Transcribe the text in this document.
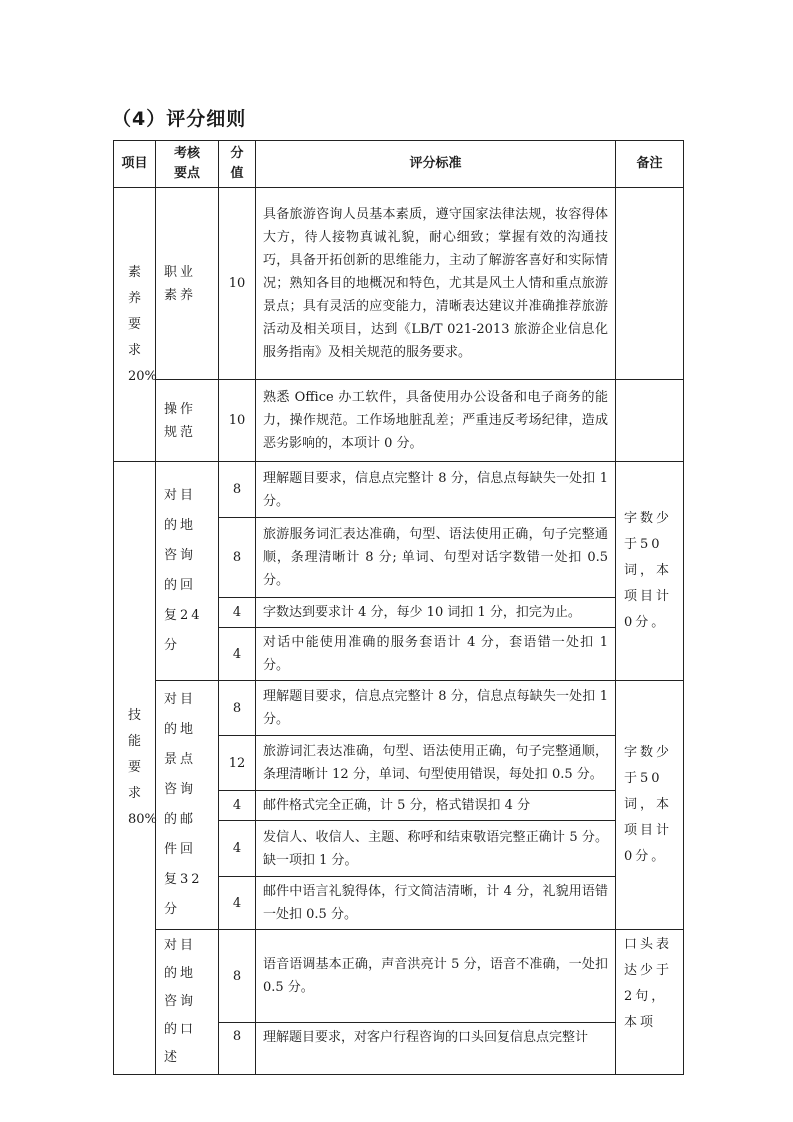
（4）评分细则
项目	考核要点	分值	评分标准	备注
素养要求20%	职业素养	10	具备旅游咨询人员基本素质，遵守国家法律法规，妆容得体大方，待人接物真诚礼貌，耐心细致；掌握有效的沟通技巧，具备开拓创新的思维能力，主动了解游客喜好和实际情况；熟知各目的地概况和特色，尤其是风土人情和重点旅游景点；具有灵活的应变能力，清晰表达建议并准确推荐旅游活动及相关项目，达到《LB/T 021-2013 旅游企业信息化服务指南》及相关规范的服务要求。	
	操作规范	10	熟悉 Office 办工软件，具备使用办公设备和电子商务的能力，操作规范。工作场地脏乱差；严重违反考场纪律，造成恶劣影响的，本项计 0 分。	
技能要求80%	对目的地咨询的回复24分	8	理解题目要求，信息点完整计 8 分，信息点每缺失一处扣 1 分。	字数少于50词，本项目计0分。
		8	旅游服务词汇表达准确，句型、语法使用正确，句子完整通顺，条理清晰计 8 分; 单词、句型对话字数错一处扣 0.5 分。	
		4	字数达到要求计 4 分，每少 10 词扣 1 分，扣完为止。	
		4	对话中能使用准确的服务套语计 4 分，套语错一处扣 1 分。	
	对目的地景点咨询的邮件回复32分	8	理解题目要求，信息点完整计 8 分，信息点每缺失一处扣 1 分。	字数少于50词，本项目计0分。
		12	旅游词汇表达准确，句型、语法使用正确，句子完整通顺，条理清晰计 12 分，单词、句型使用错误，每处扣 0.5 分。	
		4	邮件格式完全正确，计 5 分，格式错误扣 4 分	
		4	发信人、收信人、主题、称呼和结束敬语完整正确计 5 分。缺一项扣 1 分。	
		4	邮件中语言礼貌得体，行文简洁清晰，计 4 分，礼貌用语错一处扣 0.5 分。	
	对目的地咨询的口述	8	语音语调基本正确，声音洪亮计 5 分，语音不准确，一处扣 0.5 分。	口头表达少于2句，本项
		8	理解题目要求，对客户行程咨询的口头回复信息点完整计	
